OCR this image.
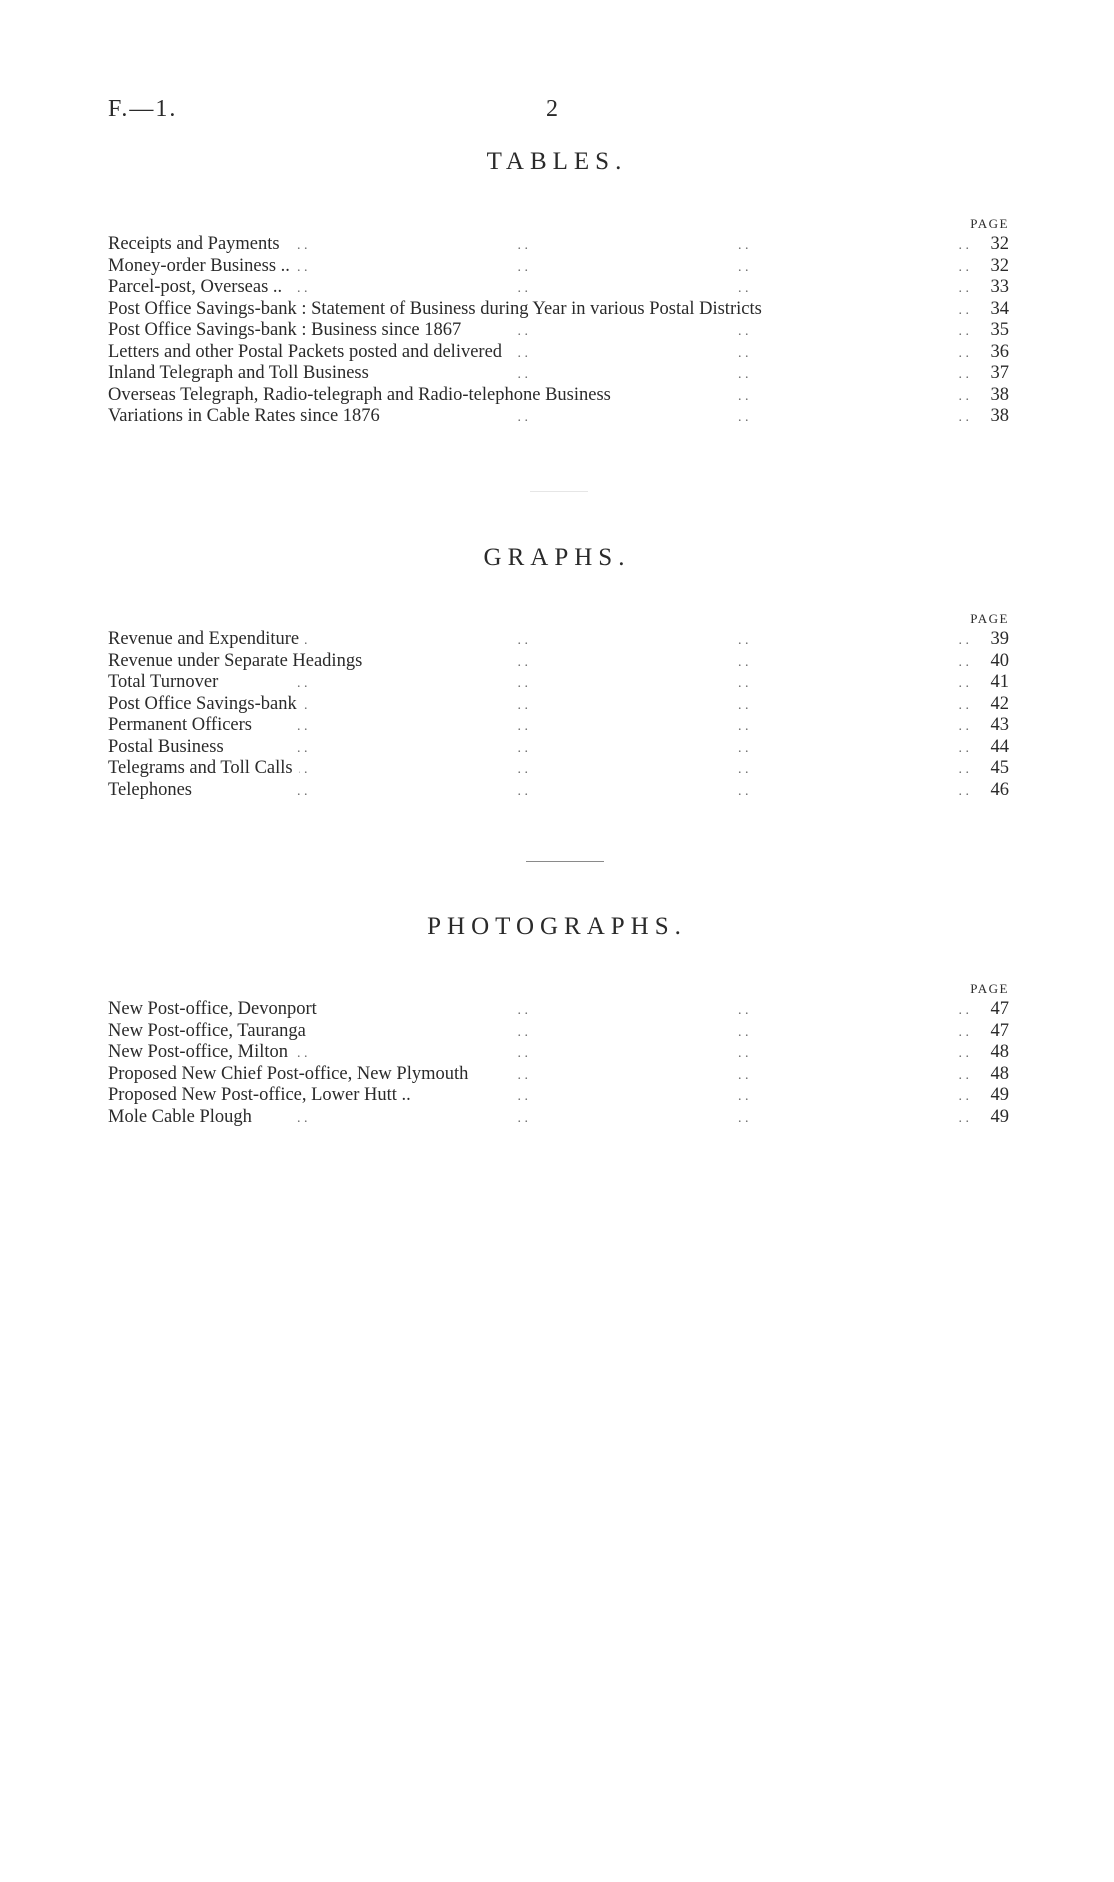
F.—1.	2
TABLES.
PAGE
Receipts and Payments . .	32
Money-order Business .. . .	32
Parcel-post, Overseas .. . .	33
Post Office Savings-bank : Statement of Business during Year in various Postal Districts . .	34
Post Office Savings-bank : Business since 1867 . .	35
Letters and other Postal Packets posted and delivered . .	36
Inland Telegraph and Toll Business . .	37
Overseas Telegraph, Radio-telegraph and Radio-telephone Business . .	38
Variations in Cable Rates since 1876 . .	38
GRAPHS.
PAGE
Revenue and Expenditure . .	39
Revenue under Separate Headings . .	40
Total Turnover . .	41
Post Office Savings-bank . .	42
Permanent Officers . .	43
Postal Business . .	44
Telegrams and Toll Calls . .	45
Telephones . .	46
PHOTOGRAPHS.
PAGE
New Post-office, Devonport . .	47
New Post-office, Tauranga . .	47
New Post-office, Milton . .	48
Proposed New Chief Post-office, New Plymouth . .	48
Proposed New Post-office, Lower Hutt .. . .	49
Mole Cable Plough . .	49
